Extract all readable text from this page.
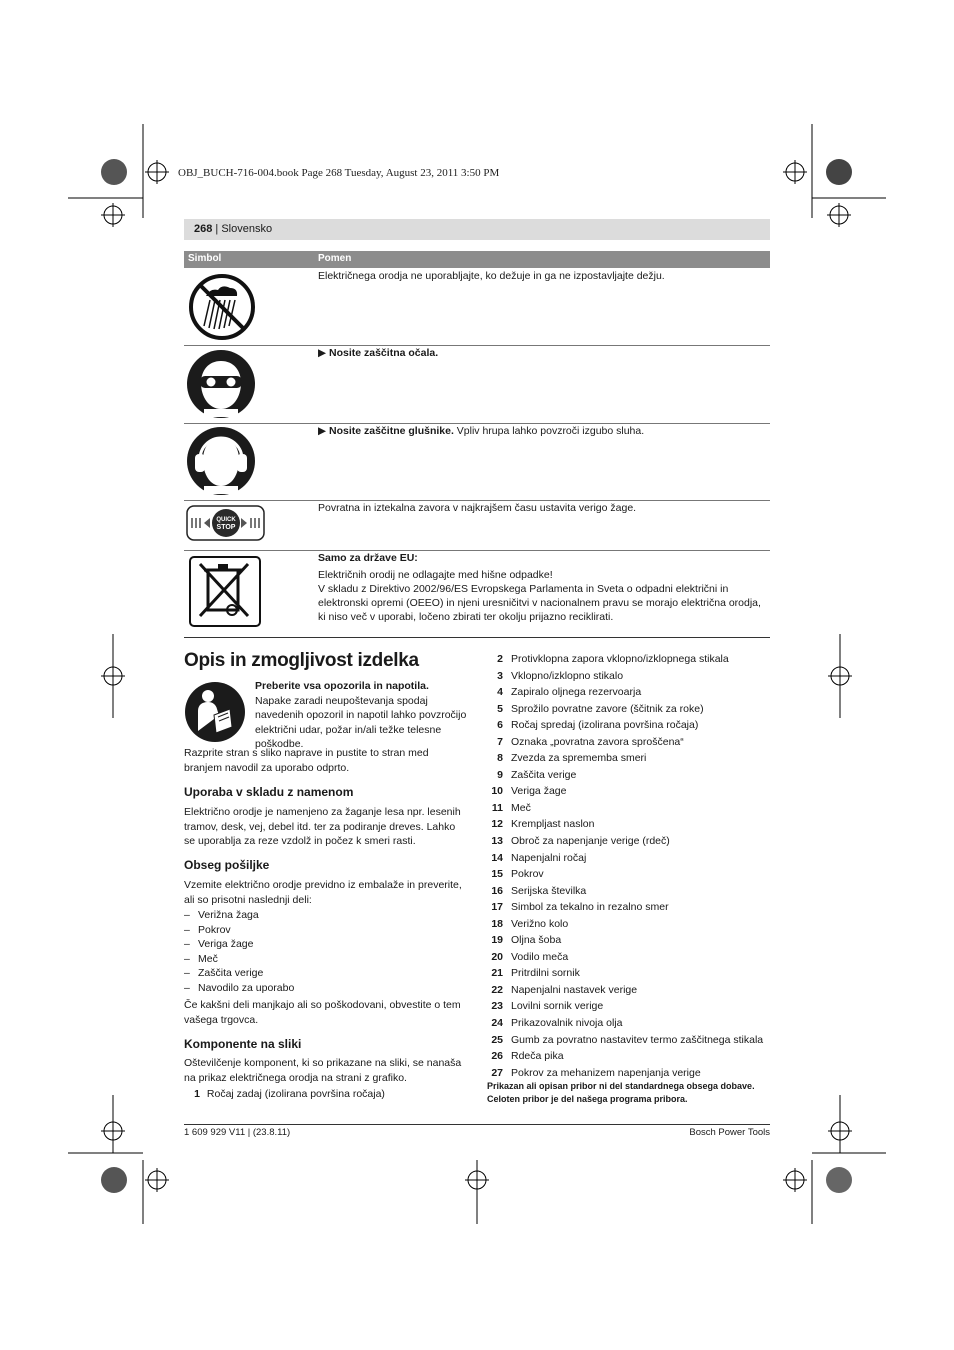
OBJ_BUCH-716-004.book Page 268 Tuesday, August 23, 2011 3:50 PM
268 | Slovensko
Simbol	Pomen
Električnega orodja ne uporabljajte, ko dežuje in ga ne izpostavljajte dežju.
▶ Nosite zaščitna očala.
▶ Nosite zaščitne glušnike. Vpliv hrupa lahko povzroči izgubo sluha.
QUICK
STOP
Povratna in iztekalna zavora v najkrajšem času ustavita verigo žage.
Samo za države EU:
Električnih orodij ne odlagajte med hišne odpadke!
V skladu z Direktivo 2002/96/ES Evropskega Parlamenta in Sveta o odpadni električni in elektronski opremi (OEEO) in njeni uresničitvi v nacionalnem pravu se morajo električna orodja, ki niso več v uporabi, ločeno zbirati ter okolju prijazno reciklirati.
Opis in zmogljivost izdelka
Preberite vsa opozorila in napotila. Napake zaradi neupoštevanja spodaj navedenih opozoril in napotil lahko povzročijo električni udar, požar in/ali težke telesne poškodbe.
Razprite stran s sliko naprave in pustite to stran med branjem navodil za uporabo odprto.
Uporaba v skladu z namenom
Električno orodje je namenjeno za žaganje lesa npr. lesenih tramov, desk, vej, debel itd. ter za podiranje dreves. Lahko se uporablja za reze vzdolž in počez k smeri rasti.
Obseg pošiljke
Vzemite električno orodje previdno iz embalaže in preverite, ali so prisotni naslednji deli:
– Verižna žaga
– Pokrov
– Veriga žage
– Meč
– Zaščita verige
– Navodilo za uporabo
Če kakšni deli manjkajo ali so poškodovani, obvestite o tem vašega trgovca.
Komponente na sliki
Oštevilčenje komponent, ki so prikazane na sliki, se nanaša na prikaz električnega orodja na strani z grafiko.
1 Ročaj zadaj (izolirana površina ročaja)
2 Protivklopna zapora vklopno/izklopnega stikala
3 Vklopno/izklopno stikalo
4 Zapiralo oljnega rezervoarja
5 Sprožilo povratne zavore (ščitnik za roke)
6 Ročaj spredaj (izolirana površina ročaja)
7 Oznaka „povratna zavora sproščena“
8 Zvezda za sprememba smeri
9 Zaščita verige
10 Veriga žage
11 Meč
12 Krempljast naslon
13 Obroč za napenjanje verige (rdeč)
14 Napenjalni ročaj
15 Pokrov
16 Serijska številka
17 Simbol za tekalno in rezalno smer
18 Verižno kolo
19 Oljna šoba
20 Vodilo meča
21 Pritrdilni sornik
22 Napenjalni nastavek verige
23 Lovilni sornik verige
24 Prikazovalnik nivoja olja
25 Gumb za povratno nastavitev termo zaščitnega stikala
26 Rdeča pika
27 Pokrov za mehanizem napenjanja verige
Prikazan ali opisan pribor ni del standardnega obsega dobave. Celoten pribor je del našega programa pribora.
1 609 929 V11 | (23.8.11)	Bosch Power Tools
